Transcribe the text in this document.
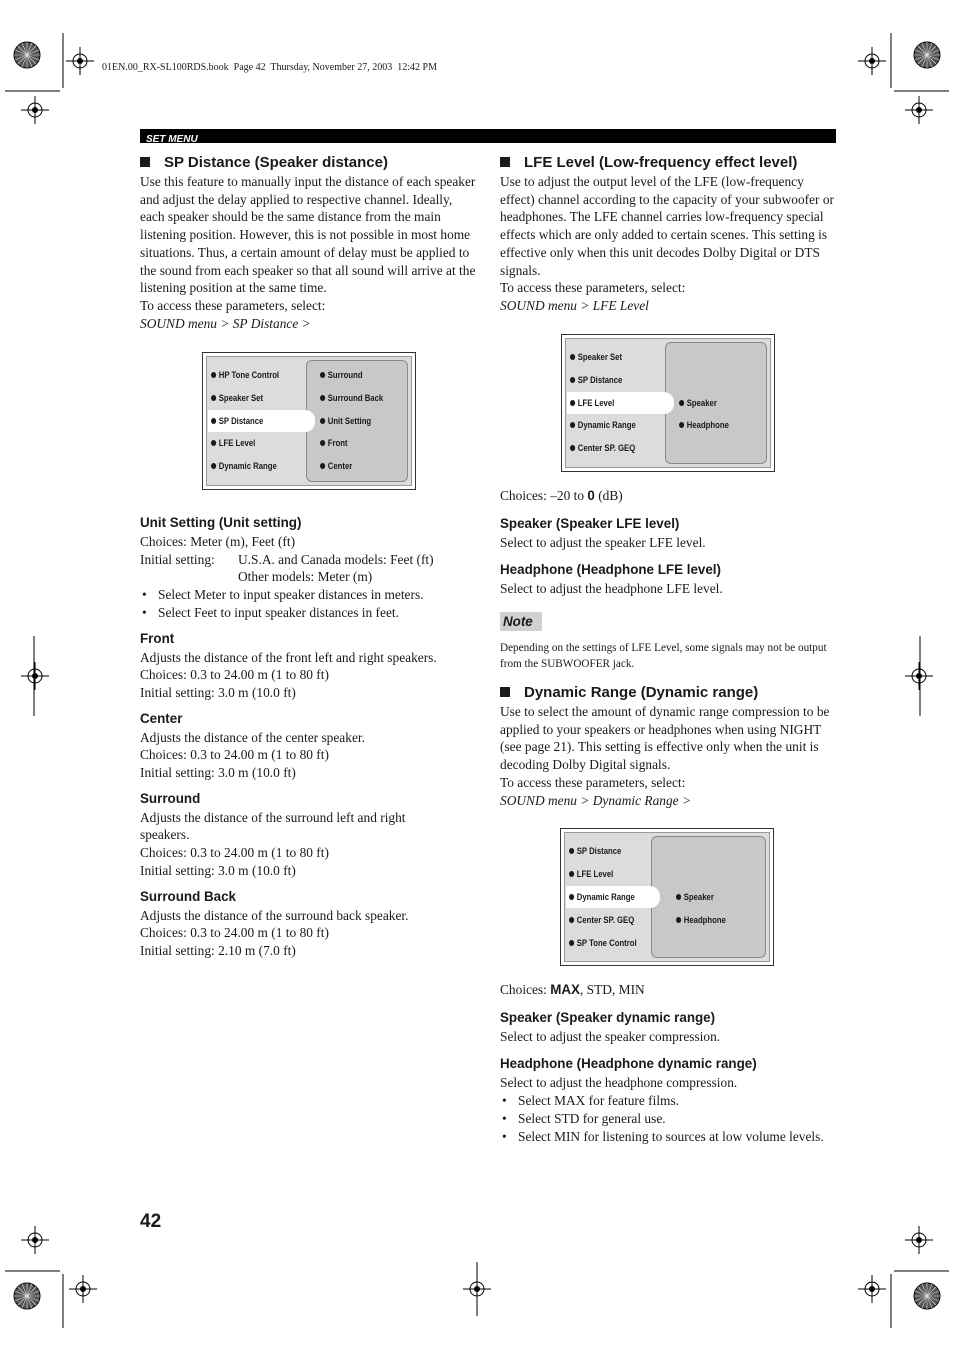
01EN.00_RX-SL100RDS.book  Page 42  Thursday, November 27, 2003  12:42 PM
SET MENU
SP Distance (Speaker distance)

Use this feature to manually input the distance of each speaker and adjust the delay applied to respective channel. Ideally, each speaker should be the same distance from the main listening position. However, this is not possible in most home situations. Thus, a certain amount of delay must be applied to the sound from each speaker so that all sound will arrive at the listening position at the same time.

To access these parameters, select:

SOUND menu > SP Distance >

HP Tone Control
Speaker Set
SP Distance
LFE Level
Dynamic Range
Surround
Surround Back
Unit Setting
Front
Center
Unit Setting (Unit setting)
Choices: Meter (m), Feet (ft)
Initial setting: U.S.A. and Canada models: Feet (ft)
Other models: Meter (m)
• Select Meter to input speaker distances in meters.
• Select Feet to input speaker distances in feet.
Front
Adjusts the distance of the front left and right speakers.
Choices: 0.3 to 24.00 m (1 to 80 ft)
Initial setting: 3.0 m (10.0 ft)
Center
Adjusts the distance of the center speaker.
Choices: 0.3 to 24.00 m (1 to 80 ft)
Initial setting: 3.0 m (10.0 ft)
Surround
Adjusts the distance of the surround left and right speakers.
Choices: 0.3 to 24.00 m (1 to 80 ft)
Initial setting: 3.0 m (10.0 ft)
Surround Back
Adjusts the distance of the surround back speaker.
Choices: 0.3 to 24.00 m (1 to 80 ft)
Initial setting: 2.10 m (7.0 ft)
LFE Level (Low-frequency effect level)

Use to adjust the output level of the LFE (low-frequency effect) channel according to the capacity of your subwoofer or headphones. The LFE channel carries low-frequency special effects which are only added to certain scenes. This setting is effective only when this unit decodes Dolby Digital or DTS signals.

To access these parameters, select:

SOUND menu > LFE Level

Speaker Set
SP Distance
LFE Level
Dynamic Range
Center SP. GEQ
Speaker
Headphone
Choices: –20 to 0 (dB)
Speaker (Speaker LFE level)
Select to adjust the speaker LFE level.
Headphone (Headphone LFE level)
Select to adjust the headphone LFE level.
Note
Depending on the settings of LFE Level, some signals may not be output from the SUBWOOFER jack.
Dynamic Range (Dynamic range)

Use to select the amount of dynamic range compression to be applied to your speakers or headphones when using NIGHT (see page 21). This setting is effective only when the unit is decoding Dolby Digital signals.

To access these parameters, select:

SOUND menu > Dynamic Range >

SP Distance
LFE Level
Dynamic Range
Center SP. GEQ
SP Tone Control
Speaker
Headphone
Choices: MAX, STD, MIN
Speaker (Speaker dynamic range)
Select to adjust the speaker compression.
Headphone (Headphone dynamic range)
Select to adjust the headphone compression.
• Select MAX for feature films.
• Select STD for general use.
• Select MIN for listening to sources at low volume levels.
42
